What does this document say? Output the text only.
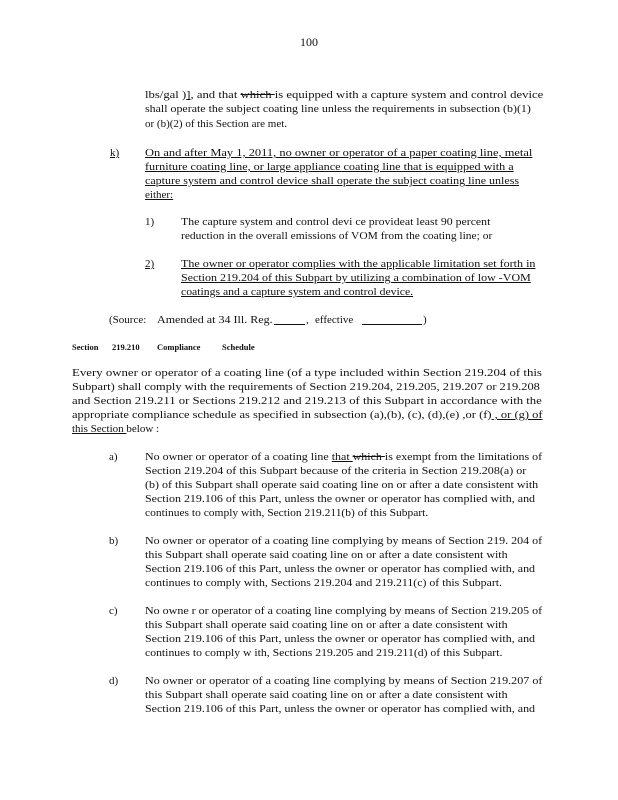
100

lbs/gal )], and that which is equipped with a capture system and control device

shall operate the subject coating line unless the requirements in subsection (b)(1)

or (b)(2) of this Section are met.

k) On and after May 1, 2011, no owner or operator of a paper coating line, metal

furniture coating line, or large appliance coating line that is equipped with a

capture system and control device shall operate the subject coating line unless

either:

1) The capture system and control devi ce provideat least 90 percent

reduction in the overall emissions of VOM from the coating line; or

2) The owner or operator complies with the applicable limitation set forth in

Section 219.204 of this Subpart by utilizing a combination of low -VOM

coatings and a capture system and control device.

(Source: Amended at 34 Ill. Reg.	, effective	)

Section 219.210 Compliance	Schedule

Every owner or operator of a coating line (of a type included within Section 219.204 of this

Subpart) shall comply with the requirements of Section 219.204, 219.205, 219.207 or 219.208

and Section 219.211 or Sections 219.212 and 219.213 of this Subpart in accordance with the

appropriate compliance schedule as specified in subsection (a),(b), (c), (d),(e) ,or (f) , or (g) of

this Section below :

a) No owner or operator of a coating line that which is exempt from the limitations of

Section 219.204 of this Subpart because of the criteria in Section 219.208(a) or

(b) of this Subpart shall operate said coating line on or after a date consistent with

Section 219.106 of this Part, unless the owner or operator has complied with, and

continues to comply with, Section 219.211(b) of this Subpart.

b) No owner or operator of a coating line complying by means of Section 219. 204 of

this Subpart shall operate said coating line on or after a date consistent with

Section 219.106 of this Part, unless the owner or operator has complied with, and

continues to comply with, Sections 219.204 and 219.211(c) of this Subpart.

c) No owne r or operator of a coating line complying by means of Section 219.205 of

this Subpart shall operate said coating line on or after a date consistent with

Section 219.106 of this Part, unless the owner or operator has complied with, and

continues to comply w ith, Sections 219.205 and 219.211(d) of this Subpart.

d) No owner or operator of a coating line complying by means of Section 219.207 of

this Subpart shall operate said coating line on or after a date consistent with

Section 219.106 of this Part, unless the owner or operator has complied with, and
